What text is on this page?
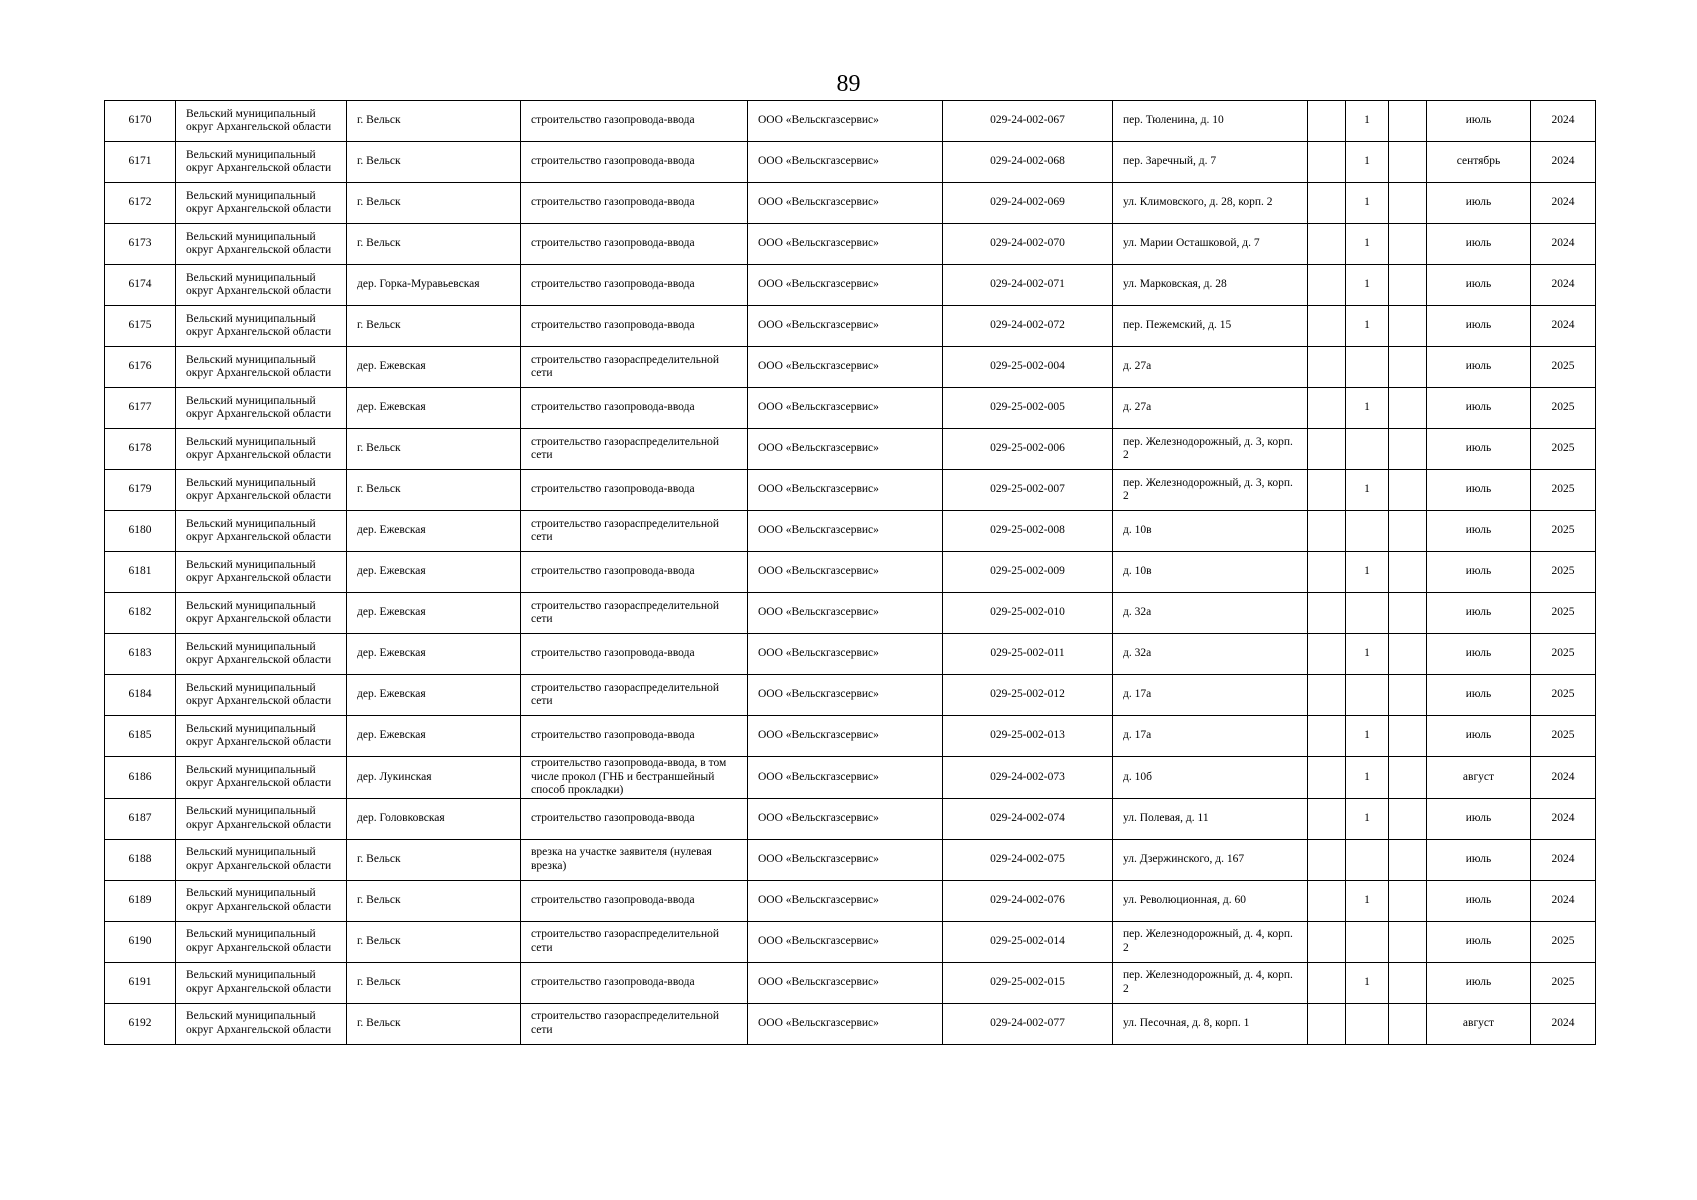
89
6170	Вельский муниципальный округ Архангельской области	г. Вельск	строительство газопровода-ввода	ООО «Вельскгазсервис»	029-24-002-067	пер. Тюленина, д. 10		1		июль	2024
6171	Вельский муниципальный округ Архангельской области	г. Вельск	строительство газопровода-ввода	ООО «Вельскгазсервис»	029-24-002-068	пер. Заречный, д. 7		1		сентябрь	2024
6172	Вельский муниципальный округ Архангельской области	г. Вельск	строительство газопровода-ввода	ООО «Вельскгазсервис»	029-24-002-069	ул. Климовского, д. 28, корп. 2		1		июль	2024
6173	Вельский муниципальный округ Архангельской области	г. Вельск	строительство газопровода-ввода	ООО «Вельскгазсервис»	029-24-002-070	ул. Марии Осташковой, д. 7		1		июль	2024
6174	Вельский муниципальный округ Архангельской области	дер. Горка-Муравьевская	строительство газопровода-ввода	ООО «Вельскгазсервис»	029-24-002-071	ул. Марковская, д. 28		1		июль	2024
6175	Вельский муниципальный округ Архангельской области	г. Вельск	строительство газопровода-ввода	ООО «Вельскгазсервис»	029-24-002-072	пер. Пежемский, д. 15		1		июль	2024
6176	Вельский муниципальный округ Архангельской области	дер. Ежевская	строительство газораспределительной сети	ООО «Вельскгазсервис»	029-25-002-004	д. 27а				июль	2025
6177	Вельский муниципальный округ Архангельской области	дер. Ежевская	строительство газопровода-ввода	ООО «Вельскгазсервис»	029-25-002-005	д. 27а		1		июль	2025
6178	Вельский муниципальный округ Архангельской области	г. Вельск	строительство газораспределительной сети	ООО «Вельскгазсервис»	029-25-002-006	пер. Железнодорожный, д. 3, корп. 2				июль	2025
6179	Вельский муниципальный округ Архангельской области	г. Вельск	строительство газопровода-ввода	ООО «Вельскгазсервис»	029-25-002-007	пер. Железнодорожный, д. 3, корп. 2		1		июль	2025
6180	Вельский муниципальный округ Архангельской области	дер. Ежевская	строительство газораспределительной сети	ООО «Вельскгазсервис»	029-25-002-008	д. 10в				июль	2025
6181	Вельский муниципальный округ Архангельской области	дер. Ежевская	строительство газопровода-ввода	ООО «Вельскгазсервис»	029-25-002-009	д. 10в		1		июль	2025
6182	Вельский муниципальный округ Архангельской области	дер. Ежевская	строительство газораспределительной сети	ООО «Вельскгазсервис»	029-25-002-010	д. 32а				июль	2025
6183	Вельский муниципальный округ Архангельской области	дер. Ежевская	строительство газопровода-ввода	ООО «Вельскгазсервис»	029-25-002-011	д. 32а		1		июль	2025
6184	Вельский муниципальный округ Архангельской области	дер. Ежевская	строительство газораспределительной сети	ООО «Вельскгазсервис»	029-25-002-012	д. 17а				июль	2025
6185	Вельский муниципальный округ Архангельской области	дер. Ежевская	строительство газопровода-ввода	ООО «Вельскгазсервис»	029-25-002-013	д. 17а		1		июль	2025
6186	Вельский муниципальный округ Архангельской области	дер. Лукинская	строительство газопровода-ввода, в том числе прокол (ГНБ и бестраншейный способ прокладки)	ООО «Вельскгазсервис»	029-24-002-073	д. 10б		1		август	2024
6187	Вельский муниципальный округ Архангельской области	дер. Головковская	строительство газопровода-ввода	ООО «Вельскгазсервис»	029-24-002-074	ул. Полевая, д. 11		1		июль	2024
6188	Вельский муниципальный округ Архангельской области	г. Вельск	врезка на участке заявителя (нулевая врезка)	ООО «Вельскгазсервис»	029-24-002-075	ул. Дзержинского, д. 167				июль	2024
6189	Вельский муниципальный округ Архангельской области	г. Вельск	строительство газопровода-ввода	ООО «Вельскгазсервис»	029-24-002-076	ул. Революционная, д. 60		1		июль	2024
6190	Вельский муниципальный округ Архангельской области	г. Вельск	строительство газораспределительной сети	ООО «Вельскгазсервис»	029-25-002-014	пер. Железнодорожный, д. 4, корп. 2				июль	2025
6191	Вельский муниципальный округ Архангельской области	г. Вельск	строительство газопровода-ввода	ООО «Вельскгазсервис»	029-25-002-015	пер. Железнодорожный, д. 4, корп. 2		1		июль	2025
6192	Вельский муниципальный округ Архангельской области	г. Вельск	строительство газораспределительной сети	ООО «Вельскгазсервис»	029-24-002-077	ул. Песочная, д. 8, корп. 1				август	2024
